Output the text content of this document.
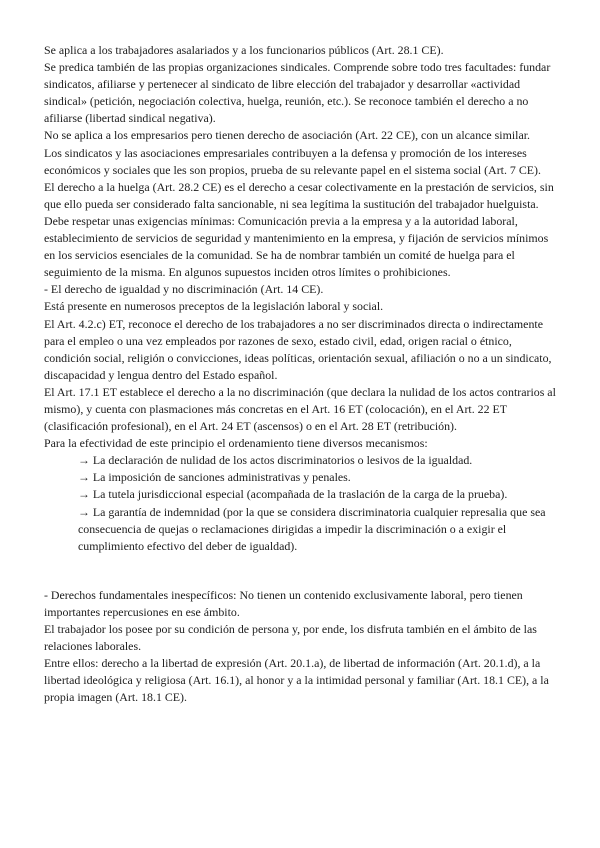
Se aplica a los trabajadores asalariados y a los funcionarios públicos (Art. 28.1 CE).

Se predica también de las propias organizaciones sindicales. Comprende sobre todo tres facultades: fundar sindicatos, afiliarse y pertenecer al sindicato de libre elección del trabajador y desarrollar «actividad sindical» (petición, negociación colectiva, huelga, reunión, etc.). Se reconoce también el derecho a no afiliarse (libertad sindical negativa).

No se aplica a los empresarios pero tienen derecho de asociación (Art. 22 CE), con un alcance similar.

Los sindicatos y las asociaciones empresariales contribuyen a la defensa y promoción de los intereses económicos y sociales que les son propios, prueba de su relevante papel en el sistema social (Art. 7 CE).

El derecho a la huelga (Art. 28.2 CE) es el derecho a cesar colectivamente en la prestación de servicios, sin que ello pueda ser considerado falta sancionable, ni sea legítima la sustitución del trabajador huelguista. Debe respetar unas exigencias mínimas: Comunicación previa a la empresa y a la autoridad laboral, establecimiento de servicios de seguridad y mantenimiento en la empresa, y fijación de servicios mínimos en los servicios esenciales de la comunidad. Se ha de nombrar también un comité de huelga para el seguimiento de la misma. En algunos supuestos inciden otros límites o prohibiciones.

- El derecho de igualdad y no discriminación (Art. 14 CE).

Está presente en numerosos preceptos de la legislación laboral y social.

El Art. 4.2.c) ET, reconoce el derecho de los trabajadores a no ser discriminados directa o indirectamente para el empleo o una vez empleados por razones de sexo, estado civil, edad, origen racial o étnico, condición social, religión o convicciones, ideas políticas, orientación sexual, afiliación o no a un sindicato, discapacidad y lengua dentro del Estado español.

El Art. 17.1 ET establece el derecho a la no discriminación (que declara la nulidad de los actos contrarios al mismo), y cuenta con plasmaciones más concretas en el Art. 16 ET (colocación), en el Art. 22 ET (clasificación profesional), en el Art. 24 ET (ascensos) o en el Art. 28 ET (retribución).

Para la efectividad de este principio el ordenamiento tiene diversos mecanismos:

→ La declaración de nulidad de los actos discriminatorios o lesivos de la igualdad.

→ La imposición de sanciones administrativas y penales.

→ La tutela jurisdiccional especial (acompañada de la traslación de la carga de la prueba).

→ La garantía de indemnidad (por la que se considera discriminatoria cualquier represalia que sea consecuencia de quejas o reclamaciones dirigidas a impedir la discriminación o a exigir el cumplimiento efectivo del deber de igualdad).

- Derechos fundamentales inespecíficos: No tienen un contenido exclusivamente laboral, pero tienen importantes repercusiones en ese ámbito.

El trabajador los posee por su condición de persona y, por ende, los disfruta también en el ámbito de las relaciones laborales.

Entre ellos: derecho a la libertad de expresión (Art. 20.1.a), de libertad de información (Art. 20.1.d), a la libertad ideológica y religiosa (Art. 16.1), al honor y a la intimidad personal y familiar (Art. 18.1 CE), a la propia imagen (Art. 18.1 CE).
